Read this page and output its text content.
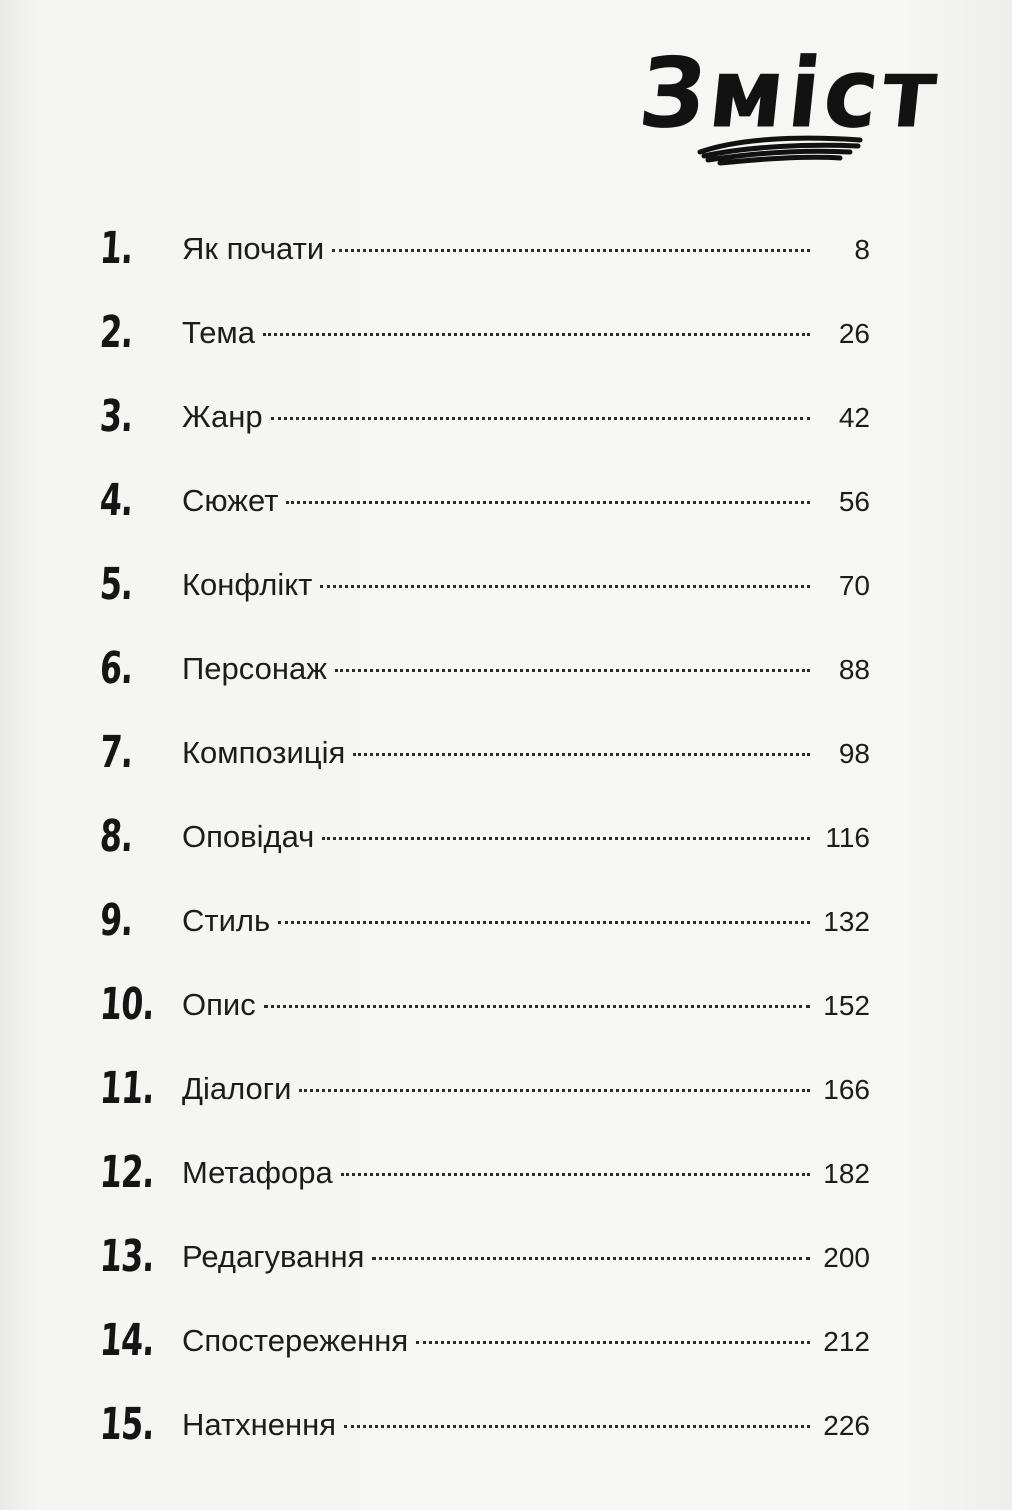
Зміст
1.	Як почати	8
2.	Тема	26
3.	Жанр	42
4.	Сюжет	56
5.	Конфлікт	70
6.	Персонаж	88
7.	Композиція	98
8.	Оповідач	116
9.	Стиль	132
10. Опис	152
11. Діалоги	166
12. Метафора	182
13. Редагування	200
14. Спостереження	212
15. Натхнення	226
